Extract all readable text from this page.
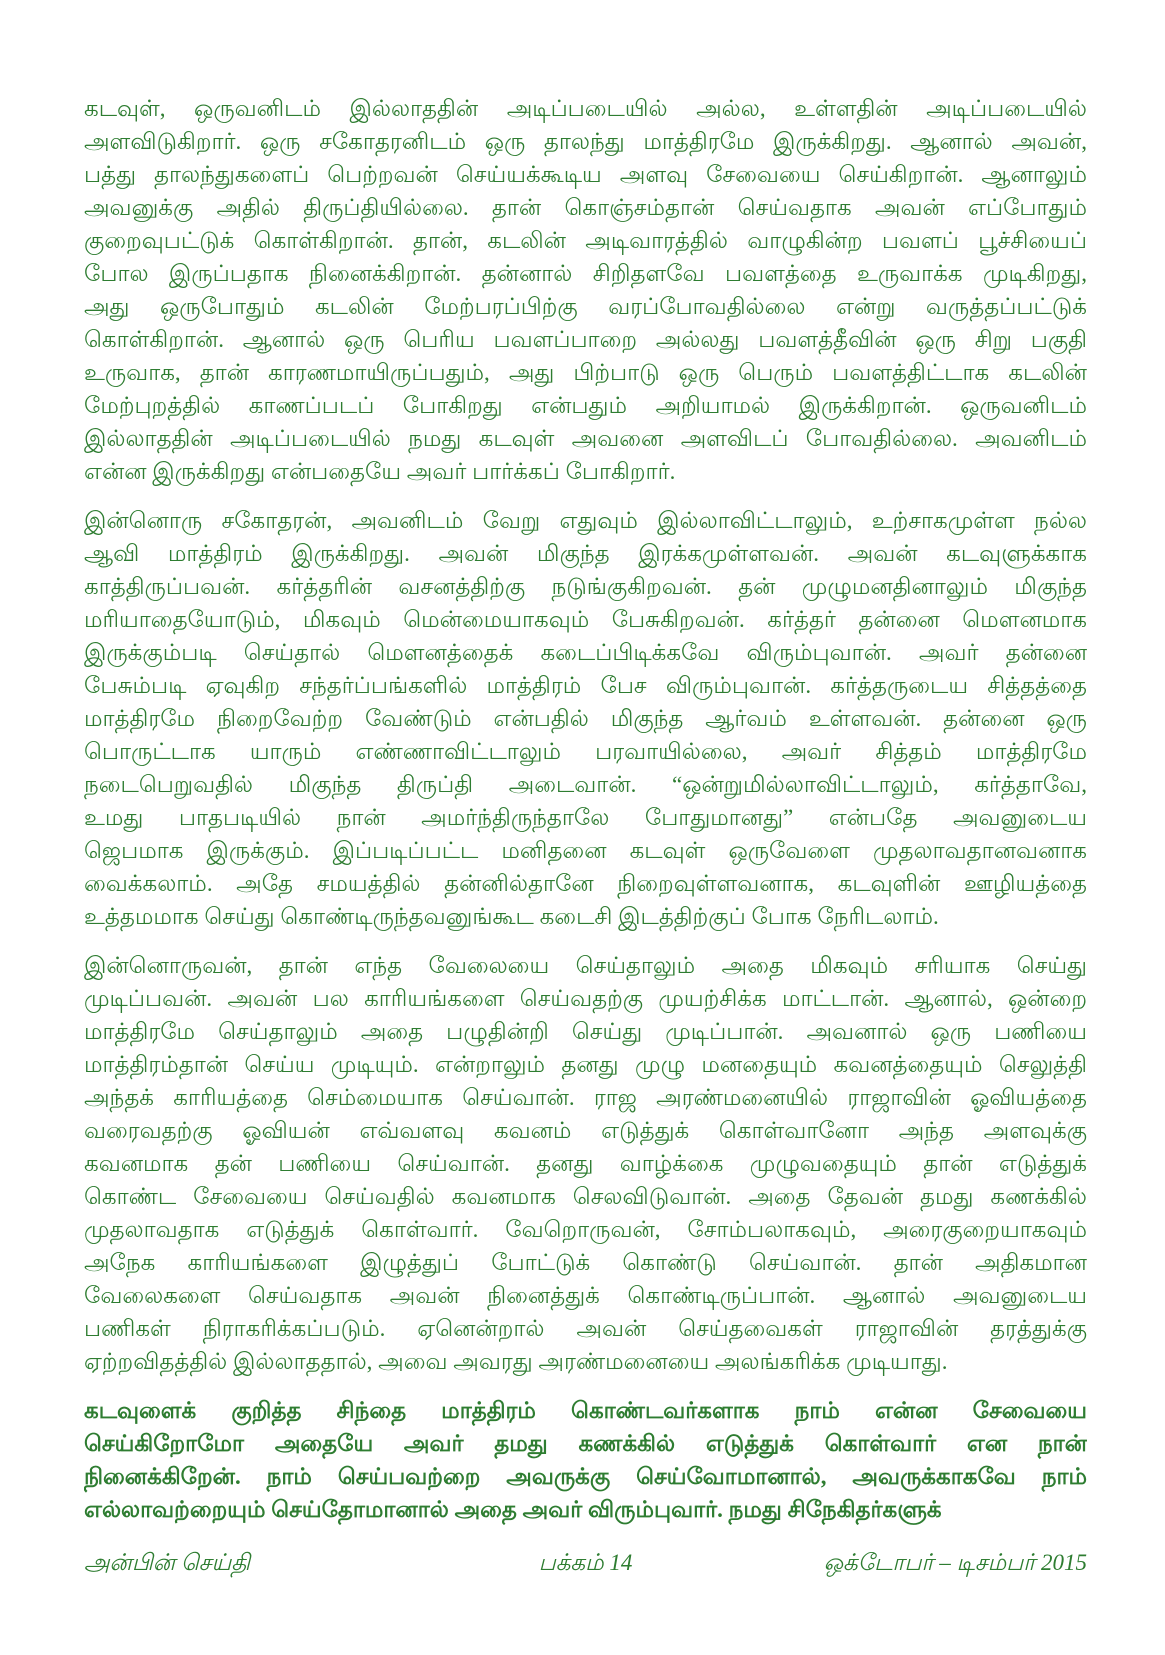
கடவுள், ஒருவனிடம் இல்லாததின் அடிப்படையில் அல்ல, உள்ளதின் அடிப்படையில்
அளவிடுகிறார். ஒரு சகோதரனிடம் ஒரு தாலந்து மாத்திரமே இருக்கிறது. ஆனால் அவன்,
பத்து தாலந்துகளைப் பெற்றவன் செய்யக்கூடிய அளவு சேவையை செய்கிறான். ஆனாலும்
அவனுக்கு அதில் திருப்தியில்லை. தான் கொஞ்சம்தான் செய்வதாக அவன் எப்போதும்
குறைவுபட்டுக் கொள்கிறான். தான், கடலின் அடிவாரத்தில் வாழுகின்ற பவளப் பூச்சியைப்
போல இருப்பதாக நினைக்கிறான். தன்னால் சிறிதளவே பவளத்தை உருவாக்க முடிகிறது,
அது ஒருபோதும் கடலின் மேற்பரப்பிற்கு வரப்போவதில்லை என்று வருத்தப்பட்டுக்
கொள்கிறான். ஆனால் ஒரு பெரிய பவளப்பாறை அல்லது பவளத்தீவின் ஒரு சிறு பகுதி
உருவாக, தான் காரணமாயிருப்பதும், அது பிற்பாடு ஒரு பெரும் பவளத்திட்டாக கடலின்
மேற்புறத்தில் காணப்படப் போகிறது என்பதும் அறியாமல் இருக்கிறான். ஒருவனிடம்
இல்லாததின் அடிப்படையில் நமது கடவுள் அவனை அளவிடப் போவதில்லை. அவனிடம்
என்ன இருக்கிறது என்பதையே அவர் பார்க்கப் போகிறார்.
இன்னொரு சகோதரன், அவனிடம் வேறு எதுவும் இல்லாவிட்டாலும், உற்சாகமுள்ள நல்ல
ஆவி மாத்திரம் இருக்கிறது. அவன் மிகுந்த இரக்கமுள்ளவன். அவன் கடவுளுக்காக
காத்திருப்பவன். கர்த்தரின் வசனத்திற்கு நடுங்குகிறவன். தன் முழுமனதினாலும் மிகுந்த
மரியாதையோடும், மிகவும் மென்மையாகவும் பேசுகிறவன். கர்த்தர் தன்னை மௌனமாக
இருக்கும்படி செய்தால் மௌனத்தைக் கடைப்பிடிக்கவே விரும்புவான். அவர் தன்னை
பேசும்படி ஏவுகிற சந்தர்ப்பங்களில் மாத்திரம் பேச விரும்புவான். கர்த்தருடைய சித்தத்தை
மாத்திரமே நிறைவேற்ற வேண்டும் என்பதில் மிகுந்த ஆர்வம் உள்ளவன். தன்னை ஒரு
பொருட்டாக யாரும் எண்ணாவிட்டாலும் பரவாயில்லை, அவர் சித்தம் மாத்திரமே
நடைபெறுவதில் மிகுந்த திருப்தி அடைவான். “ஒன்றுமில்லாவிட்டாலும், கர்த்தாவே,
உமது பாதபடியில் நான் அமர்ந்திருந்தாலே போதுமானது” என்பதே அவனுடைய
ஜெபமாக இருக்கும். இப்படிப்பட்ட மனிதனை கடவுள் ஒருவேளை முதலாவதானவனாக
வைக்கலாம். அதே சமயத்தில் தன்னில்தானே நிறைவுள்ளவனாக, கடவுளின் ஊழியத்தை
உத்தமமாக செய்து கொண்டிருந்தவனுங்கூட கடைசி இடத்திற்குப் போக நேரிடலாம்.
இன்னொருவன், தான் எந்த வேலையை செய்தாலும் அதை மிகவும் சரியாக செய்து
முடிப்பவன். அவன் பல காரியங்களை செய்வதற்கு முயற்சிக்க மாட்டான். ஆனால், ஒன்றை
மாத்திரமே செய்தாலும் அதை பழுதின்றி செய்து முடிப்பான். அவனால் ஒரு பணியை
மாத்திரம்தான் செய்ய முடியும். என்றாலும் தனது முழு மனதையும் கவனத்தையும் செலுத்தி
அந்தக் காரியத்தை செம்மையாக செய்வான். ராஜ அரண்மனையில் ராஜாவின் ஓவியத்தை
வரைவதற்கு ஓவியன் எவ்வளவு கவனம் எடுத்துக் கொள்வானோ அந்த அளவுக்கு
கவனமாக தன் பணியை செய்வான். தனது வாழ்க்கை முழுவதையும் தான் எடுத்துக்
கொண்ட சேவையை செய்வதில் கவனமாக செலவிடுவான். அதை தேவன் தமது கணக்கில்
முதலாவதாக எடுத்துக் கொள்வார். வேறொருவன், சோம்பலாகவும், அரைகுறையாகவும்
அநேக காரியங்களை இழுத்துப் போட்டுக் கொண்டு செய்வான். தான் அதிகமான
வேலைகளை செய்வதாக அவன் நினைத்துக் கொண்டிருப்பான். ஆனால் அவனுடைய
பணிகள் நிராகரிக்கப்படும். ஏனென்றால் அவன் செய்தவைகள் ராஜாவின் தரத்துக்கு
ஏற்றவிதத்தில் இல்லாததால், அவை அவரது அரண்மனையை அலங்கரிக்க முடியாது.
கடவுளைக் குறித்த சிந்தை மாத்திரம் கொண்டவர்களாக நாம் என்ன சேவையை
செய்கிறோமோ அதையே அவர் தமது கணக்கில் எடுத்துக் கொள்வார் என நான்
நினைக்கிறேன். நாம் செய்பவற்றை அவருக்கு செய்வோமானால், அவருக்காகவே நாம்
எல்லாவற்றையும் செய்தோமானால் அதை அவர் விரும்புவார். நமது சிநேகிதர்களுக்
அன்பின் செய்தி	பக்கம் 14	ஒக்டோபர் – டிசம்பர் 2015
